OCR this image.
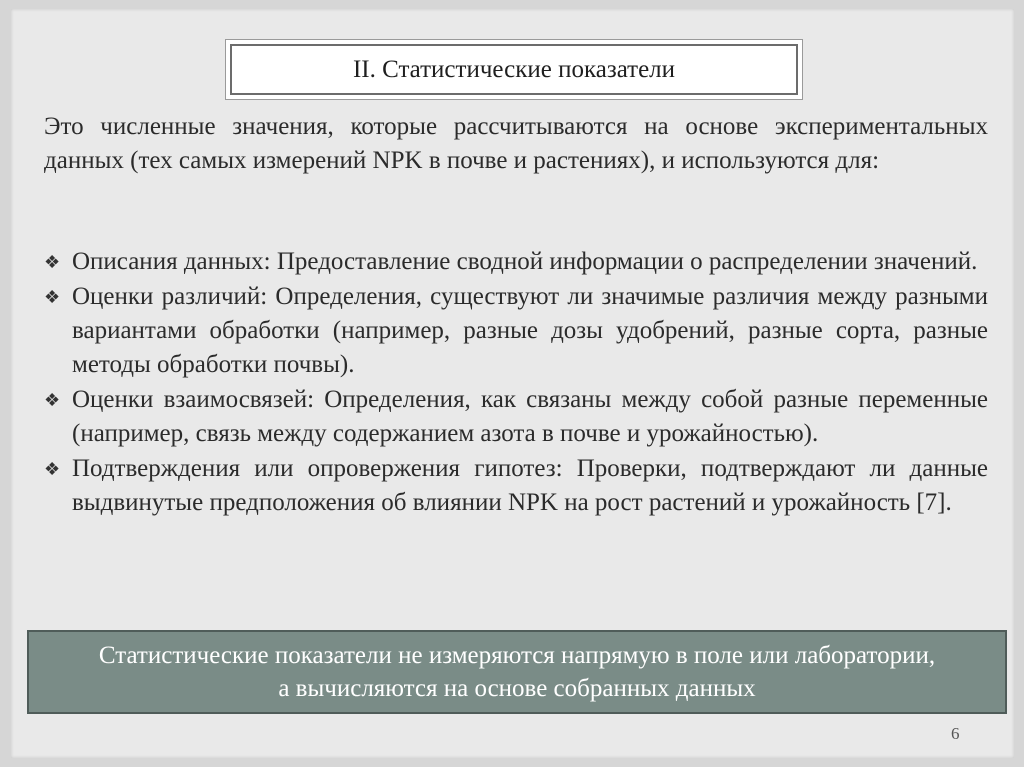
II. Статистические показатели
Это численные значения, которые рассчитываются на основе экспериментальных данных (тех самых измерений NPK в почве и растениях), и используются для:
❖ Описания данных: Предоставление сводной информации о распределении значений.
❖ Оценки различий: Определения, существуют ли значимые различия между разными вариантами обработки (например, разные дозы удобрений, разные сорта, разные методы обработки почвы).
❖ Оценки взаимосвязей: Определения, как связаны между собой разные переменные (например, связь между содержанием азота в почве и урожайностью).
❖ Подтверждения или опровержения гипотез: Проверки, подтверждают ли данные выдвинутые предположения об влиянии NPK на рост растений и урожайность [7].
Статистические показатели не измеряются напрямую в поле или лаборатории,
а вычисляются на основе собранных данных
6
